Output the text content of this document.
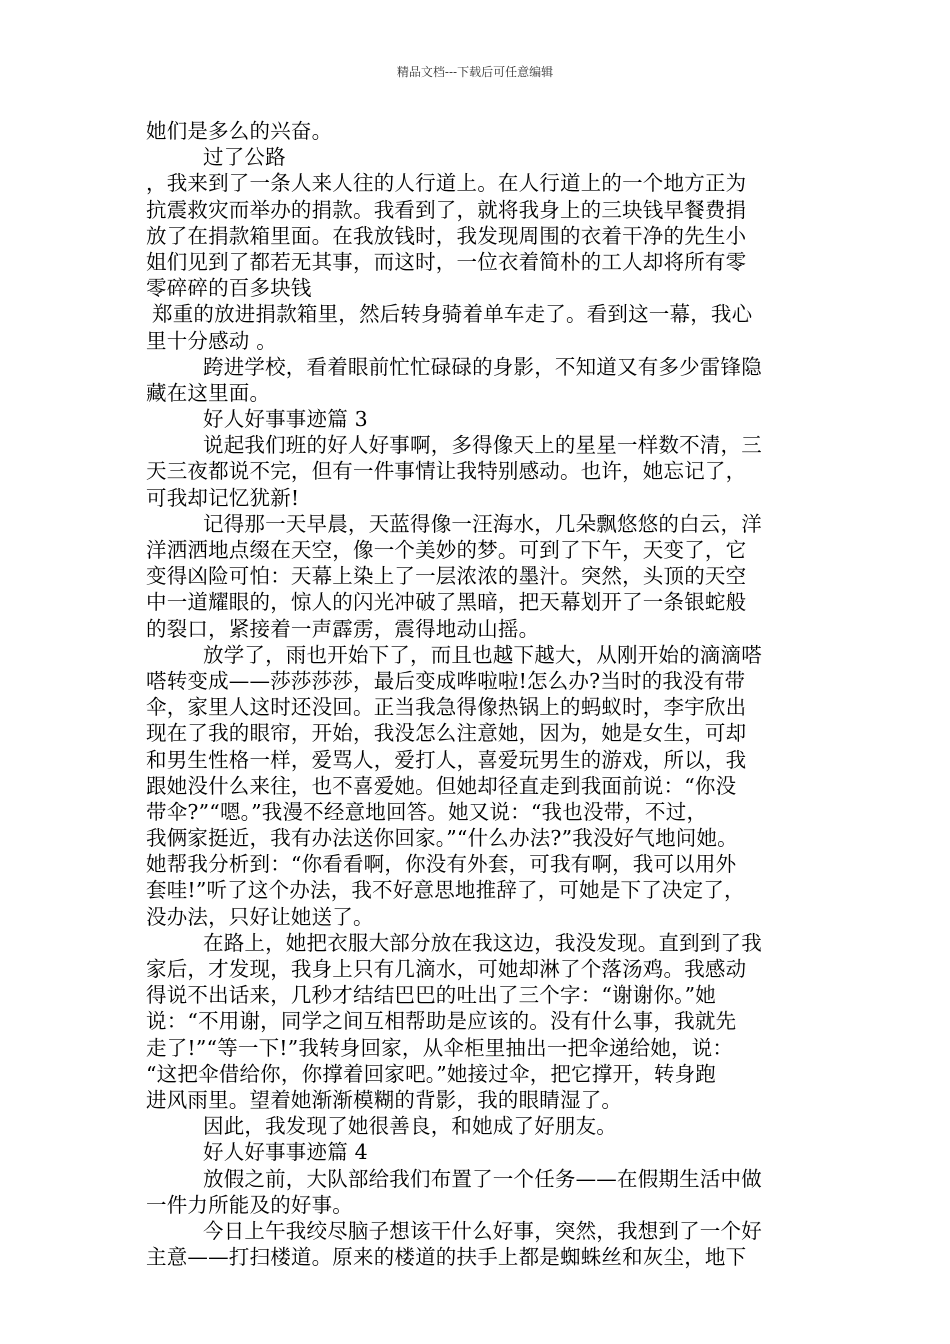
精品文档---下载后可任意编辑
她们是多么的兴奋。
过了公路
，我来到了一条人来人往的人行道上。在人行道上的一个地方正为
抗震救灾而举办的捐款。我看到了，就将我身上的三块钱早餐费捐
放了在捐款箱里面。在我放钱时，我发现周围的衣着干净的先生小
姐们见到了都若无其事，而这时，一位衣着简朴的工人却将所有零
零碎碎的百多块钱
郑重的放进捐款箱里，然后转身骑着单车走了。看到这一幕，我心
里十分感动 。
跨进学校，看着眼前忙忙碌碌的身影，不知道又有多少雷锋隐
藏在这里面。
好人好事事迹篇 3
说起我们班的好人好事啊，多得像天上的星星一样数不清，三
天三夜都说不完，但有一件事情让我特别感动。也许，她忘记了，
可我却记忆犹新!
记得那一天早晨，天蓝得像一汪海水，几朵飘悠悠的白云，洋
洋洒洒地点缀在天空，像一个美妙的梦。可到了下午，天变了，它
变得凶险可怕：天幕上染上了一层浓浓的墨汁。突然，头顶的天空
中一道耀眼的，惊人的闪光冲破了黑暗，把天幕划开了一条银蛇般
的裂口，紧接着一声霹雳，震得地动山摇。
放学了，雨也开始下了，而且也越下越大，从刚开始的滴滴嗒
嗒转变成——莎莎莎莎，最后变成哗啦啦!怎么办?当时的我没有带
伞，家里人这时还没回。正当我急得像热锅上的蚂蚁时，李宇欣出
现在了我的眼帘，开始，我没怎么注意她，因为，她是女生，可却
和男生性格一样，爱骂人，爱打人，喜爱玩男生的游戏，所以，我
跟她没什么来往，也不喜爱她。但她却径直走到我面前说：“你没
带伞?”“嗯。”我漫不经意地回答。她又说：“我也没带，不过，
我俩家挺近，我有办法送你回家。”“什么办法?”我没好气地问她。
她帮我分析到：“你看看啊，你没有外套，可我有啊，我可以用外
套哇!”听了这个办法，我不好意思地推辞了，可她是下了决定了，
没办法，只好让她送了。
在路上，她把衣服大部分放在我这边，我没发现。直到到了我
家后，才发现，我身上只有几滴水，可她却淋了个落汤鸡。我感动
得说不出话来，几秒才结结巴巴的吐出了三个字：“谢谢你。”她
说：“不用谢，同学之间互相帮助是应该的。没有什么事，我就先
走了!”“等一下!”我转身回家，从伞柜里抽出一把伞递给她，说：
“这把伞借给你，你撑着回家吧。”她接过伞，把它撑开，转身跑
进风雨里。望着她渐渐模糊的背影，我的眼睛湿了。
因此，我发现了她很善良，和她成了好朋友。
好人好事事迹篇 4
放假之前，大队部给我们布置了一个任务——在假期生活中做
一件力所能及的好事。
今日上午我绞尽脑子想该干什么好事，突然，我想到了一个好
主意——打扫楼道。原来的楼道的扶手上都是蜘蛛丝和灰尘，地下
